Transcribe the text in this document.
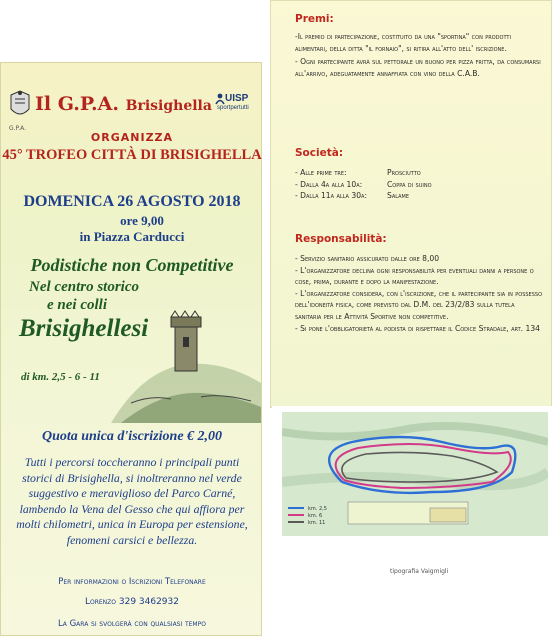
G.P.A.
Il G.P.A. Brisighella UISP
sportpertutti
ORGANIZZA
45° TROFEO CITTÀ DI BRISIGHELLA
DOMENICA 26 AGOSTO 2018
ore 9,00
in Piazza Carducci
Podistiche non Competitive
Nel centro storico
e nei colli
Brisighellesi
di km. 2,5 - 6 - 11
Quota unica d'iscrizione € 2,00
Tutti i percorsi toccheranno i principali punti storici di Brisighella, si inoltreranno nel verde suggestivo e meraviglioso del Parco Carné, lambendo la Vena del Gesso che qui affiora per molti chilometri, unica in Europa per estensione, fenomeni carsici e bellezza.
Per informazioni o Iscrizioni Telefonare
Lorenzo 329 3462932
La Gara si svolgerà con qualsiasi tempo
Premi:
-Il premio di partecipazione, costituito da una "sportina" con prodotti alimentari, della ditta "il fornaio", si ritira all'atto dell' iscrizione.
- Ogni partecipante avrà sul pettorale un buono per pizza fritta, da consumarsi all'arrivo, adeguatamente annaffiata con vino della C.A.B.
Società:
- Alle prime tre:	Prosciutto
- Dalla 4a alla 10a:	Coppa di suino
- Dalla 11a alla 30a:	Salame
Responsabilità:
- Servizio sanitario assicurato dalle ore 8,00
- L'organizzatore declina ogni responsabilità per eventuali danni a persone o cose, prima, durante e dopo la manifestazione.
- L'organizzatore considera, con l'iscrizione, che il partecipante sia in possesso dell'idoneità fisica, come previsto dal D.M. del 23/2/83 sulla tutela sanitaria per le Attività Sportive non competitive.
- Si pone l'obbligatorietà al podista di rispettare il Codice Stradale, art. 134
km. 2,5
km. 6
km. 11
tipografia Vaigmigli
